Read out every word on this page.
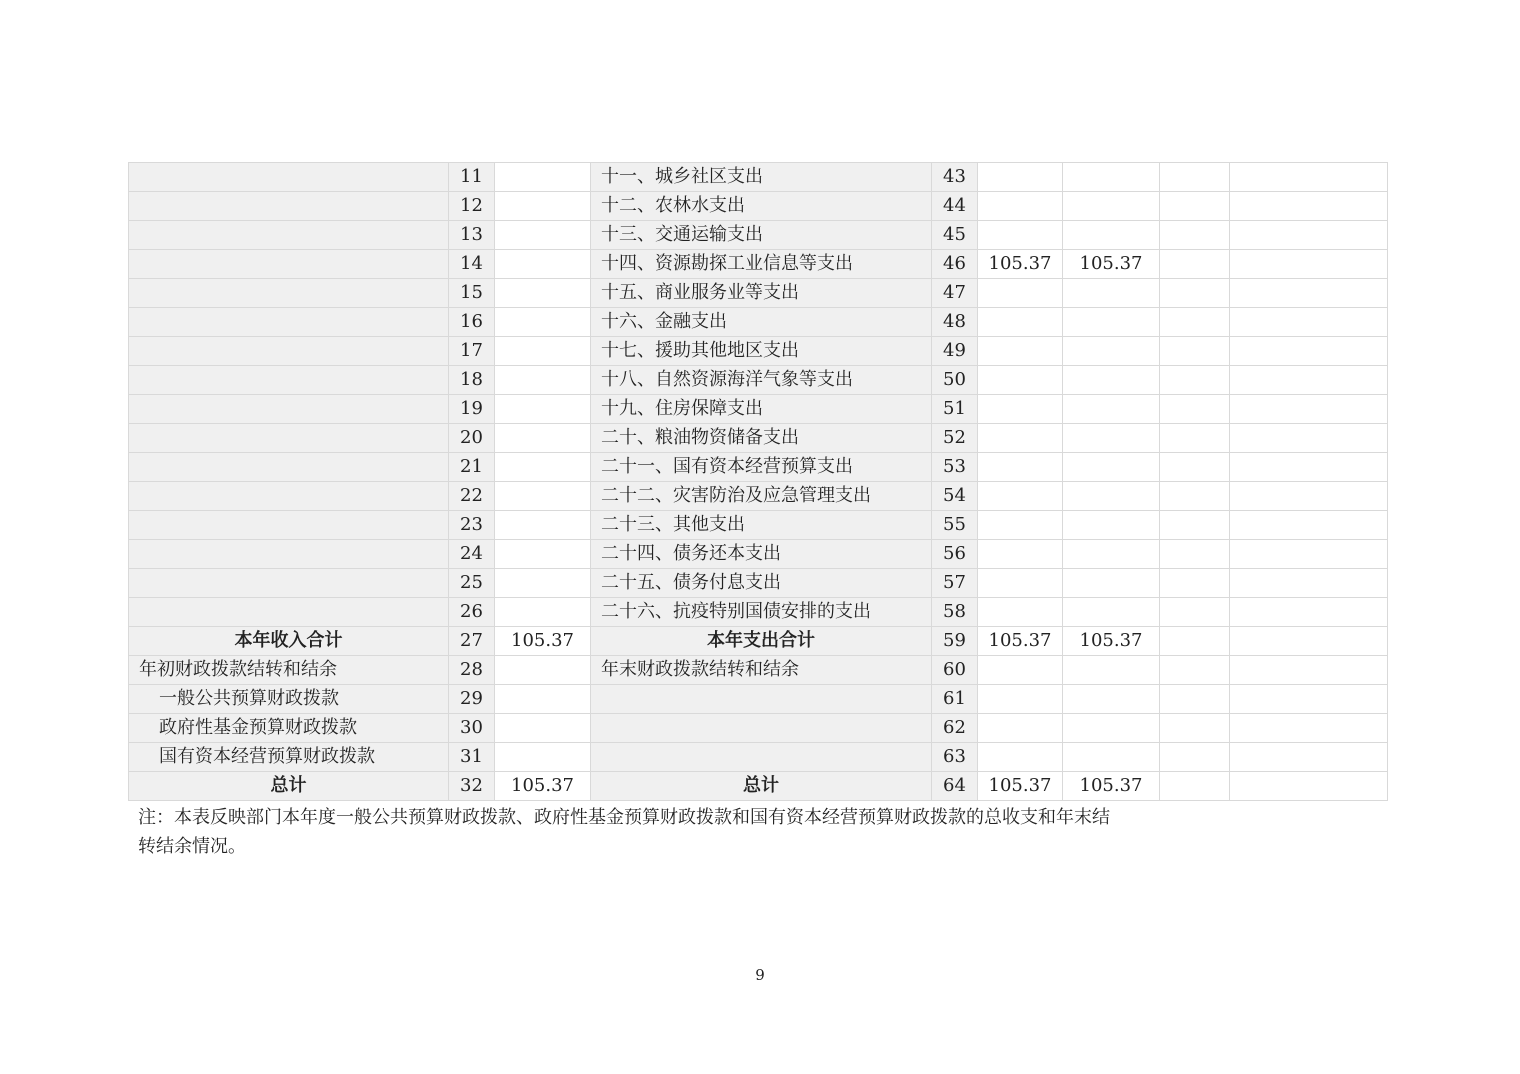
	11		十一、城乡社区支出	43				
	12		十二、农林水支出	44				
	13		十三、交通运输支出	45				
	14		十四、资源勘探工业信息等支出	46	105.37	105.37		
	15		十五、商业服务业等支出	47				
	16		十六、金融支出	48				
	17		十七、援助其他地区支出	49				
	18		十八、自然资源海洋气象等支出	50				
	19		十九、住房保障支出	51				
	20		二十、粮油物资储备支出	52				
	21		二十一、国有资本经营预算支出	53				
	22		二十二、灾害防治及应急管理支出	54				
	23		二十三、其他支出	55				
	24		二十四、债务还本支出	56				
	25		二十五、债务付息支出	57				
	26		二十六、抗疫特别国债安排的支出	58				
本年收入合计	27	105.37	本年支出合计	59	105.37	105.37		
年初财政拨款结转和结余	28		年末财政拨款结转和结余	60				
一般公共预算财政拨款	29			61				
政府性基金预算财政拨款	30			62				
国有资本经营预算财政拨款	31			63				
总计	32	105.37	总计	64	105.37	105.37		
注：本表反映部门本年度一般公共预算财政拨款、政府性基金预算财政拨款和国有资本经营预算财政拨款的总收支和年末结
转结余情况。
9
